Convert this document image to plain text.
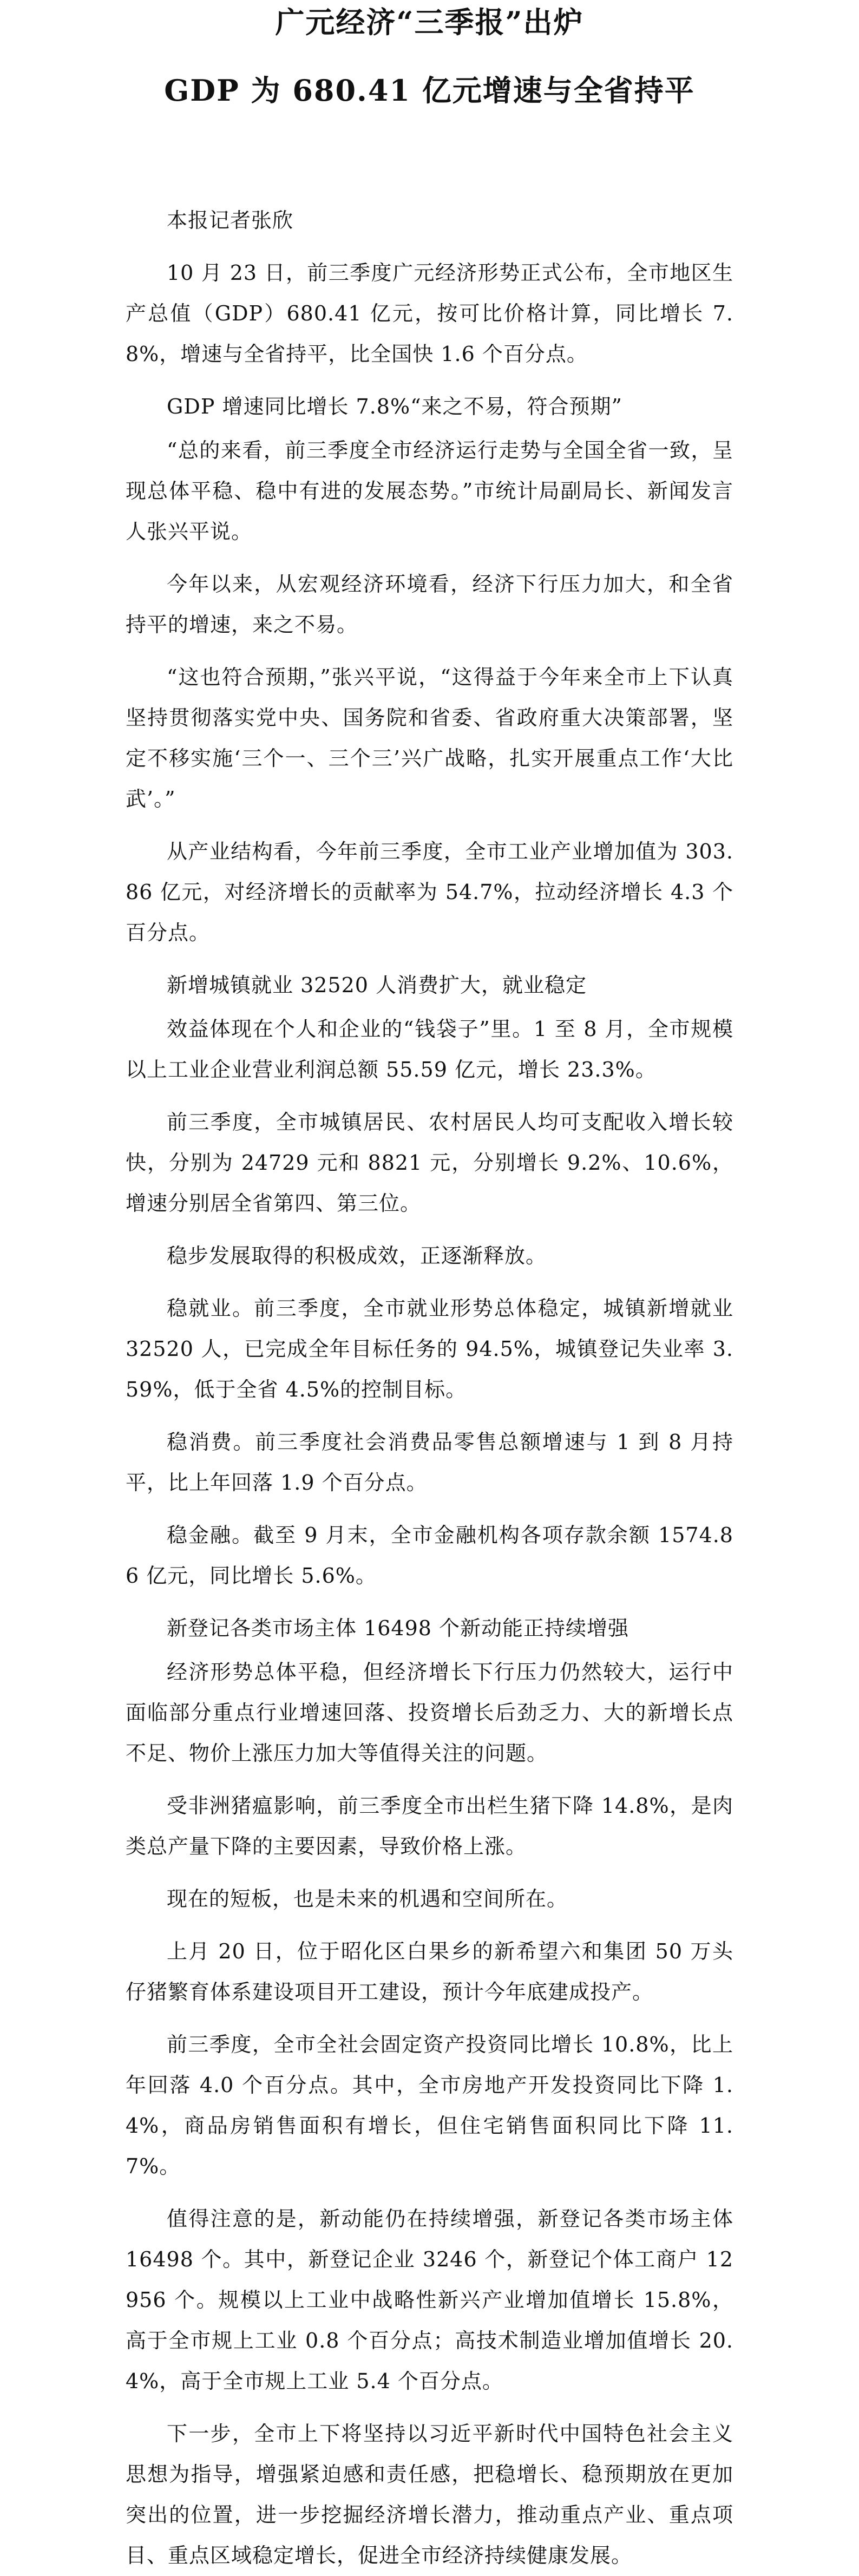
广元经济“三季报”出炉
GDP 为 680.41 亿元增速与全省持平

本报记者张欣

10 月 23 日，前三季度广元经济形势正式公布，全市地区生产总值（GDP）680.41 亿元，按可比价格计算，同比增长 7.8%，增速与全省持平，比全国快 1.6 个百分点。

GDP 增速同比增长 7.8%“来之不易，符合预期”

“总的来看，前三季度全市经济运行走势与全国全省一致，呈现总体平稳、稳中有进的发展态势。”市统计局副局长、新闻发言人张兴平说。

今年以来，从宏观经济环境看，经济下行压力加大，和全省持平的增速，来之不易。

“这也符合预期，”张兴平说，“这得益于今年来全市上下认真坚持贯彻落实党中央、国务院和省委、省政府重大决策部署，坚定不移实施‘三个一、三个三’兴广战略，扎实开展重点工作‘大比武’。”

从产业结构看，今年前三季度，全市工业产业增加值为 303.86 亿元，对经济增长的贡献率为 54.7%，拉动经济增长 4.3 个百分点。

新增城镇就业 32520 人消费扩大，就业稳定

效益体现在个人和企业的“钱袋子”里。1 至 8 月，全市规模以上工业企业营业利润总额 55.59 亿元，增长 23.3%。

前三季度，全市城镇居民、农村居民人均可支配收入增长较快，分别为 24729 元和 8821 元，分别增长 9.2%、10.6%，增速分别居全省第四、第三位。

稳步发展取得的积极成效，正逐渐释放。

稳就业。前三季度，全市就业形势总体稳定，城镇新增就业 32520 人，已完成全年目标任务的 94.5%，城镇登记失业率 3.59%，低于全省 4.5%的控制目标。

稳消费。前三季度社会消费品零售总额增速与 1 到 8 月持平，比上年回落 1.9 个百分点。

稳金融。截至 9 月末，全市金融机构各项存款余额 1574.86 亿元，同比增长 5.6%。

新登记各类市场主体 16498 个新动能正持续增强

经济形势总体平稳，但经济增长下行压力仍然较大，运行中面临部分重点行业增速回落、投资增长后劲乏力、大的新增长点不足、物价上涨压力加大等值得关注的问题。

受非洲猪瘟影响，前三季度全市出栏生猪下降 14.8%，是肉类总产量下降的主要因素，导致价格上涨。

现在的短板，也是未来的机遇和空间所在。

上月 20 日，位于昭化区白果乡的新希望六和集团 50 万头仔猪繁育体系建设项目开工建设，预计今年底建成投产。

前三季度，全市全社会固定资产投资同比增长 10.8%，比上年回落 4.0 个百分点。其中，全市房地产开发投资同比下降 1.4%，商品房销售面积有增长，但住宅销售面积同比下降 11.7%。

值得注意的是，新动能仍在持续增强，新登记各类市场主体 16498 个。其中，新登记企业 3246 个，新登记个体工商户 12956 个。规模以上工业中战略性新兴产业增加值增长 15.8%，高于全市规上工业 0.8 个百分点；高技术制造业增加值增长 20.4%，高于全市规上工业 5.4 个百分点。

下一步，全市上下将坚持以习近平新时代中国特色社会主义思想为指导，增强紧迫感和责任感，把稳增长、稳预期放在更加突出的位置，进一步挖掘经济增长潜力，推动重点产业、重点项目、重点区域稳定增长，促进全市经济持续健康发展。
